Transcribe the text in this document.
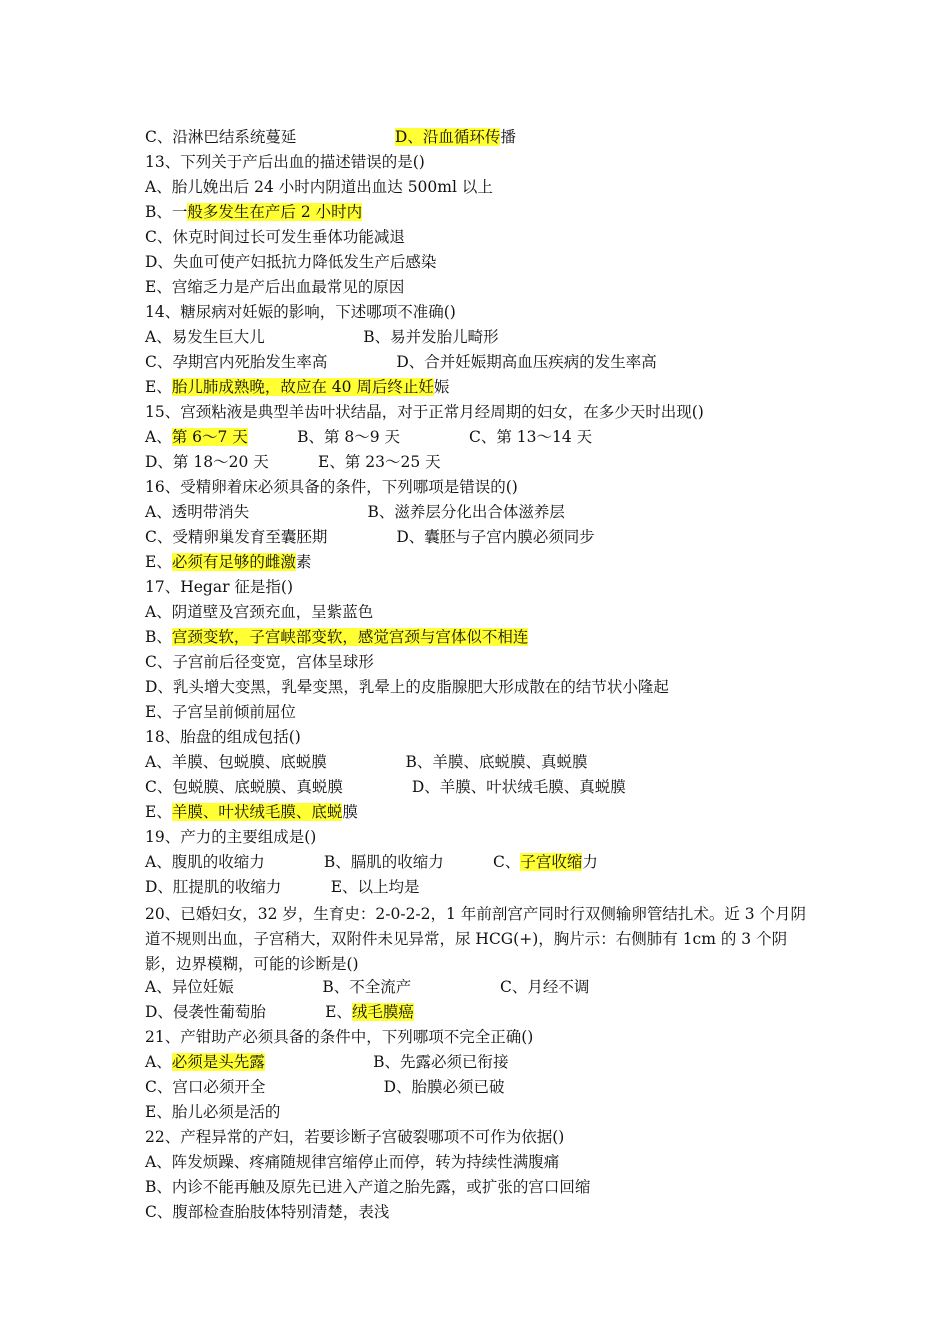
C、沿淋巴结系统蔓延	D、沿血循环传播
13、下列关于产后出血的描述错误的是()
A、胎儿娩出后 24 小时内阴道出血达 500ml 以上
B、一般多发生在产后 2 小时内
C、休克时间过长可发生垂体功能减退
D、失血可使产妇抵抗力降低发生产后感染
E、宫缩乏力是产后出血最常见的原因
14、糖尿病对妊娠的影响，下述哪项不准确()
A、易发生巨大儿	B、易并发胎儿畸形
C、孕期宫内死胎发生率高	D、合并妊娠期高血压疾病的发生率高
E、胎儿肺成熟晚，故应在 40 周后终止妊娠
15、宫颈粘液是典型羊齿叶状结晶，对于正常月经周期的妇女，在多少天时出现()
A、第 6～7 天	B、第 8～9 天	C、第 13～14 天
D、第 18～20 天	E、第 23～25 天
16、受精卵着床必须具备的条件，下列哪项是错误的()
A、透明带消失	B、滋养层分化出合体滋养层
C、受精卵巢发育至囊胚期	D、囊胚与子宫内膜必须同步
E、必须有足够的雌激素
17、Hegar 征是指()
A、阴道壁及宫颈充血，呈紫蓝色
B、宫颈变软，子宫峡部变软，感觉宫颈与宫体似不相连
C、子宫前后径变宽，宫体呈球形
D、乳头增大变黑，乳晕变黑，乳晕上的皮脂腺肥大形成散在的结节状小隆起
E、子宫呈前倾前屈位
18、胎盘的组成包括()
A、羊膜、包蜕膜、底蜕膜	B、羊膜、底蜕膜、真蜕膜
C、包蜕膜、底蜕膜、真蜕膜	D、羊膜、叶状绒毛膜、真蜕膜
E、羊膜、叶状绒毛膜、底蜕膜
19、产力的主要组成是()
A、腹肌的收缩力	B、膈肌的收缩力	C、子宫收缩力
D、肛提肌的收缩力	E、以上均是
20、已婚妇女，32 岁，生育史：2-0-2-2，1 年前剖宫产同时行双侧输卵管结扎术。近 3 个月阴道不规则出血，子宫稍大，双附件未见异常，尿 HCG(+)，胸片示：右侧肺有 1cm 的 3 个阴影，边界模糊，可能的诊断是()
A、异位妊娠	B、不全流产	C、月经不调
D、侵袭性葡萄胎	E、绒毛膜癌
21、产钳助产必须具备的条件中，下列哪项不完全正确()
A、必须是头先露	B、先露必须已衔接
C、宫口必须开全	D、胎膜必须已破
E、胎儿必须是活的
22、产程异常的产妇，若要诊断子宫破裂哪项不可作为依据()
A、阵发烦躁、疼痛随规律宫缩停止而停，转为持续性满腹痛
B、内诊不能再触及原先已进入产道之胎先露，或扩张的宫口回缩
C、腹部检查胎肢体特别清楚，表浅
